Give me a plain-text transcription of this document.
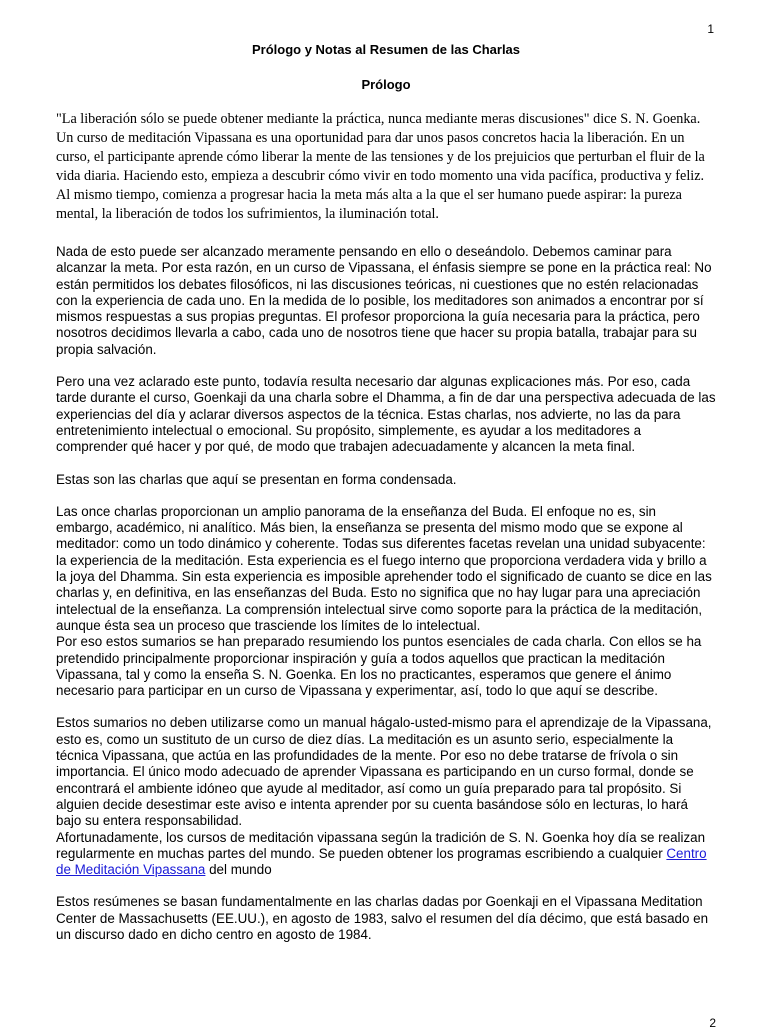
1
Prólogo y Notas al Resumen de las Charlas
Prólogo

"La liberación sólo se puede obtener mediante la práctica, nunca mediante meras discusiones" dice S. N. Goenka. Un curso de meditación Vipassana es una oportunidad para dar unos pasos concretos hacia la liberación. En un curso, el participante aprende cómo liberar la mente de las tensiones y de los prejuicios que perturban el fluir de la vida diaria. Haciendo esto, empieza a descubrir cómo vivir en todo momento una vida pacífica, productiva y feliz. Al mismo tiempo, comienza a progresar hacia la meta más alta a la que el ser humano puede aspirar: la pureza mental, la liberación de todos los sufrimientos, la iluminación total.

Nada de esto puede ser alcanzado meramente pensando en ello o deseándolo. Debemos caminar para alcanzar la meta. Por esta razón, en un curso de Vipassana, el énfasis siempre se pone en la práctica real: No están permitidos los debates filosóficos, ni las discusiones teóricas, ni cuestiones que no estén relacionadas con la experiencia de cada uno. En la medida de lo posible, los meditadores son animados a encontrar por sí mismos respuestas a sus propias preguntas. El profesor proporciona la guía necesaria para la práctica, pero nosotros decidimos llevarla a cabo, cada uno de nosotros tiene que hacer su propia batalla, trabajar para su propia salvación.

Pero una vez aclarado este punto, todavía resulta necesario dar algunas explicaciones más. Por eso, cada tarde durante el curso, Goenkaji da una charla sobre el Dhamma, a fin de dar una perspectiva adecuada de las experiencias del día y aclarar diversos aspectos de la técnica. Estas charlas, nos advierte, no las da para entretenimiento intelectual o emocional. Su propósito, simplemente, es ayudar a los meditadores a comprender qué hacer y por qué, de modo que trabajen adecuadamente y alcancen la meta final.

Estas son las charlas que aquí se presentan en forma condensada.

Las once charlas proporcionan un amplio panorama de la enseñanza del Buda. El enfoque no es, sin embargo, académico, ni analítico. Más bien, la enseñanza se presenta del mismo modo que se expone al meditador: como un todo dinámico y coherente. Todas sus diferentes facetas revelan una unidad subyacente: la experiencia de la meditación. Esta experiencia es el fuego interno que proporciona verdadera vida y brillo a la joya del Dhamma. Sin esta experiencia es imposible aprehender todo el significado de cuanto se dice en las charlas y, en definitiva, en las enseñanzas del Buda. Esto no significa que no hay lugar para una apreciación intelectual de la enseñanza. La comprensión intelectual sirve como soporte para la práctica de la meditación, aunque ésta sea un proceso que trasciende los límites de lo intelectual.

Por eso estos sumarios se han preparado resumiendo los puntos esenciales de cada charla. Con ellos se ha pretendido principalmente proporcionar inspiración y guía a todos aquellos que practican la meditación Vipassana, tal y como la enseña S. N. Goenka. En los no practicantes, esperamos que genere el ánimo necesario para participar en un curso de Vipassana y experimentar, así, todo lo que aquí se describe.

Estos sumarios no deben utilizarse como un manual hágalo-usted-mismo para el aprendizaje de la Vipassana, esto es, como un sustituto de un curso de diez días. La meditación es un asunto serio, especialmente la técnica Vipassana, que actúa en las profundidades de la mente. Por eso no debe tratarse de frívola o sin importancia. El único modo adecuado de aprender Vipassana es participando en un curso formal, donde se encontrará el ambiente idóneo que ayude al meditador, así como un guía preparado para tal propósito. Si alguien decide desestimar este aviso e intenta aprender por su cuenta basándose sólo en lecturas, lo hará bajo su entera responsabilidad.

Afortunadamente, los cursos de meditación vipassana según la tradición de S. N. Goenka hoy día se realizan regularmente en muchas partes del mundo. Se pueden obtener los programas escribiendo a cualquier Centro de Meditación Vipassana del mundo

Estos resúmenes se basan fundamentalmente en las charlas dadas por Goenkaji en el Vipassana Meditation Center de Massachusetts (EE.UU.), en agosto de 1983, salvo el resumen del día décimo, que está basado en un discurso dado en dicho centro en agosto de 1984.

2
